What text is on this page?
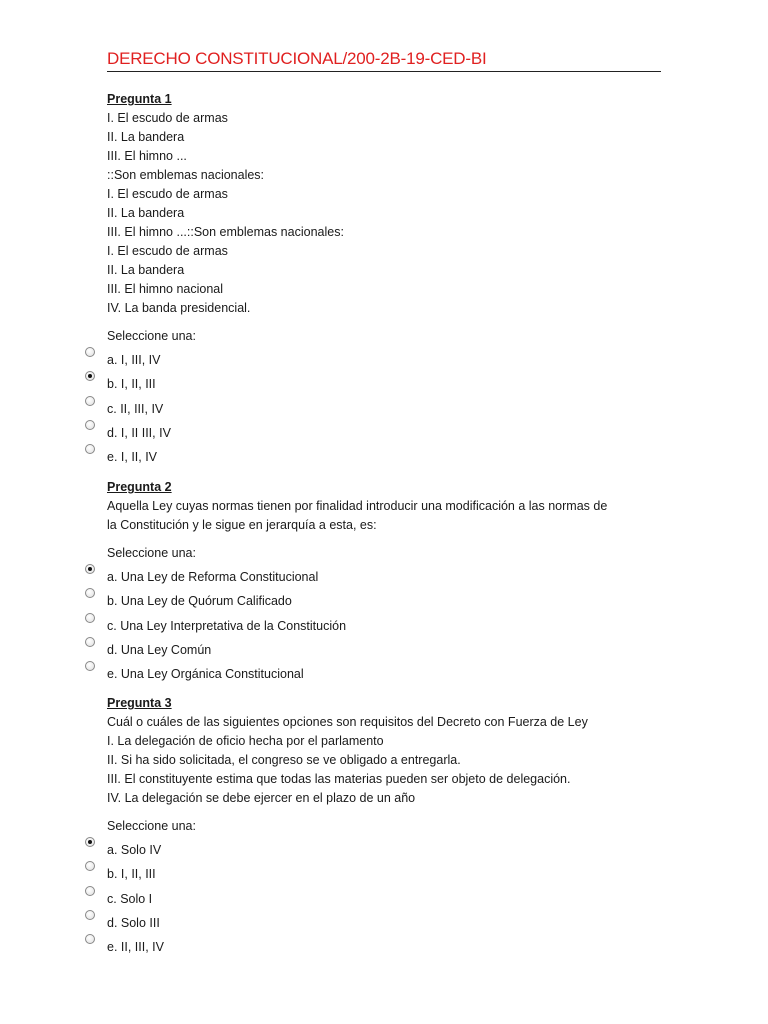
DERECHO CONSTITUCIONAL/200-2B-19-CED-BI
Pregunta 1
I. El escudo de armas
II. La bandera
III. El himno ...
::Son emblemas nacionales:
I. El escudo de armas
II. La bandera
III. El himno ...::Son emblemas nacionales:
I. El escudo de armas
II. La bandera
III. El himno nacional
IV. La banda presidencial.
Seleccione una:
a. I, III, IV
b. I, II, III
c. II, III, IV
d. I, II III, IV
e. I, II, IV
Pregunta 2
Aquella Ley cuyas normas tienen por finalidad introducir una modificación a las normas de
la Constitución y le sigue en jerarquía a esta, es:
Seleccione una:
a. Una Ley de Reforma Constitucional
b. Una Ley de Quórum Calificado
c. Una Ley Interpretativa de la Constitución
d. Una Ley Común
e. Una Ley Orgánica Constitucional
Pregunta 3
Cuál o cuáles de las siguientes opciones son requisitos del Decreto con Fuerza de Ley
I. La delegación de oficio hecha por el parlamento
II. Si ha sido solicitada, el congreso se ve obligado a entregarla.
III. El constituyente estima que todas las materias pueden ser objeto de delegación.
IV. La delegación se debe ejercer en el plazo de un año
Seleccione una:
a. Solo IV
b. I, II, III
c. Solo I
d. Solo III
e. II, III, IV
